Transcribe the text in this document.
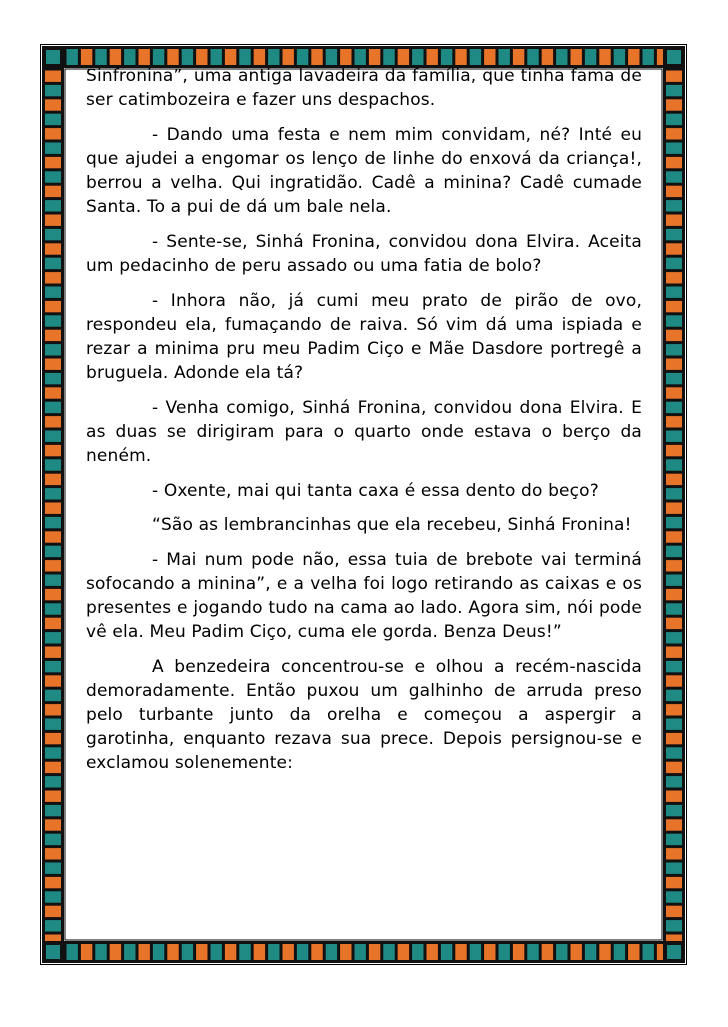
Sinfronina”, uma antiga lavadeira da família, que tinha fama de ser catimbozeira e fazer uns despachos.

- Dando uma festa e nem mim convidam, né? Inté eu que ajudei a engomar os lenço de linhe do enxová da criança!, berrou a velha. Qui ingratidão. Cadê a minina? Cadê cumade Santa. To a pui de dá um bale nela.

- Sente-se, Sinhá Fronina, convidou dona Elvira. Aceita um pedacinho de peru assado ou uma fatia de bolo?

- Inhora não, já cumi meu prato de pirão de ovo, respondeu ela, fumaçando de raiva. Só vim dá uma ispiada e rezar a minima pru meu Padim Ciço e Mãe Dasdore portregê a bruguela. Adonde ela tá?

- Venha comigo, Sinhá Fronina, convidou dona Elvira. E as duas se dirigiram para o quarto onde estava o berço da neném.

- Oxente, mai qui tanta caxa é essa dento do beço?

“São as lembrancinhas que ela recebeu, Sinhá Fronina!

- Mai num pode não, essa tuia de brebote vai terminá sofocando a minina”, e a velha foi logo retirando as caixas e os presentes e jogando tudo na cama ao lado. Agora sim, nói pode vê ela. Meu Padim Ciço, cuma ele gorda. Benza Deus!”

A benzedeira concentrou-se e olhou a recém-nascida demoradamente. Então puxou um galhinho de arruda preso pelo turbante junto da orelha e começou a aspergir a garotinha, enquanto rezava sua prece. Depois persignou-se e exclamou solenemente:
